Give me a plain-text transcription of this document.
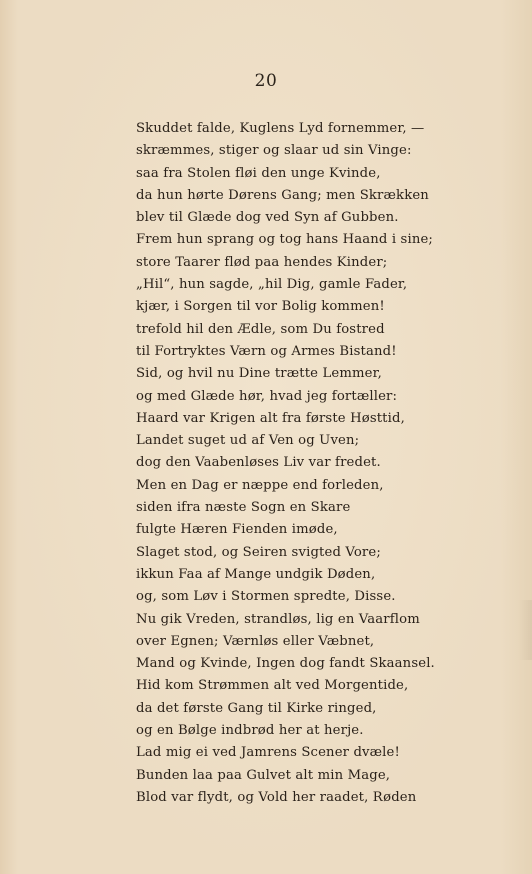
20
Skuddet falde, Kuglens Lyd fornemmer, —
skræmmes, stiger og slaar ud sin Vinge:
saa fra Stolen fløi den unge Kvinde,
da hun hørte Dørens Gang; men Skrækken
blev til Glæde dog ved Syn af Gubben.
Frem hun sprang og tog hans Haand i sine;
store Taarer flød paa hendes Kinder;
„Hil“, hun sagde, „hil Dig, gamle Fader,
kjær, i Sorgen til vor Bolig kommen!
trefold hil den Ædle, som Du fostred
til Fortryktes Værn og Armes Bistand!
Sid, og hvil nu Dine trætte Lemmer,
og med Glæde hør, hvad jeg fortæller:
Haard var Krigen alt fra første Høsttid,
Landet suget ud af Ven og Uven;
dog den Vaabenløses Liv var fredet.
Men en Dag er næppe end forleden,
siden ifra næste Sogn en Skare
fulgte Hæren Fienden imøde,
Slaget stod, og Seiren svigted Vore;
ikkun Faa af Mange undgik Døden,
og, som Løv i Stormen spredte, Disse.
Nu gik Vreden, strandløs, lig en Vaarflom
over Egnen; Værnløs eller Væbnet,
Mand og Kvinde, Ingen dog fandt Skaansel.
Hid kom Strømmen alt ved Morgentide,
da det første Gang til Kirke ringed,
og en Bølge indbrød her at herje.
Lad mig ei ved Jamrens Scener dvæle!
Bunden laa paa Gulvet alt min Mage,
Blod var flydt, og Vold her raadet, Røden
